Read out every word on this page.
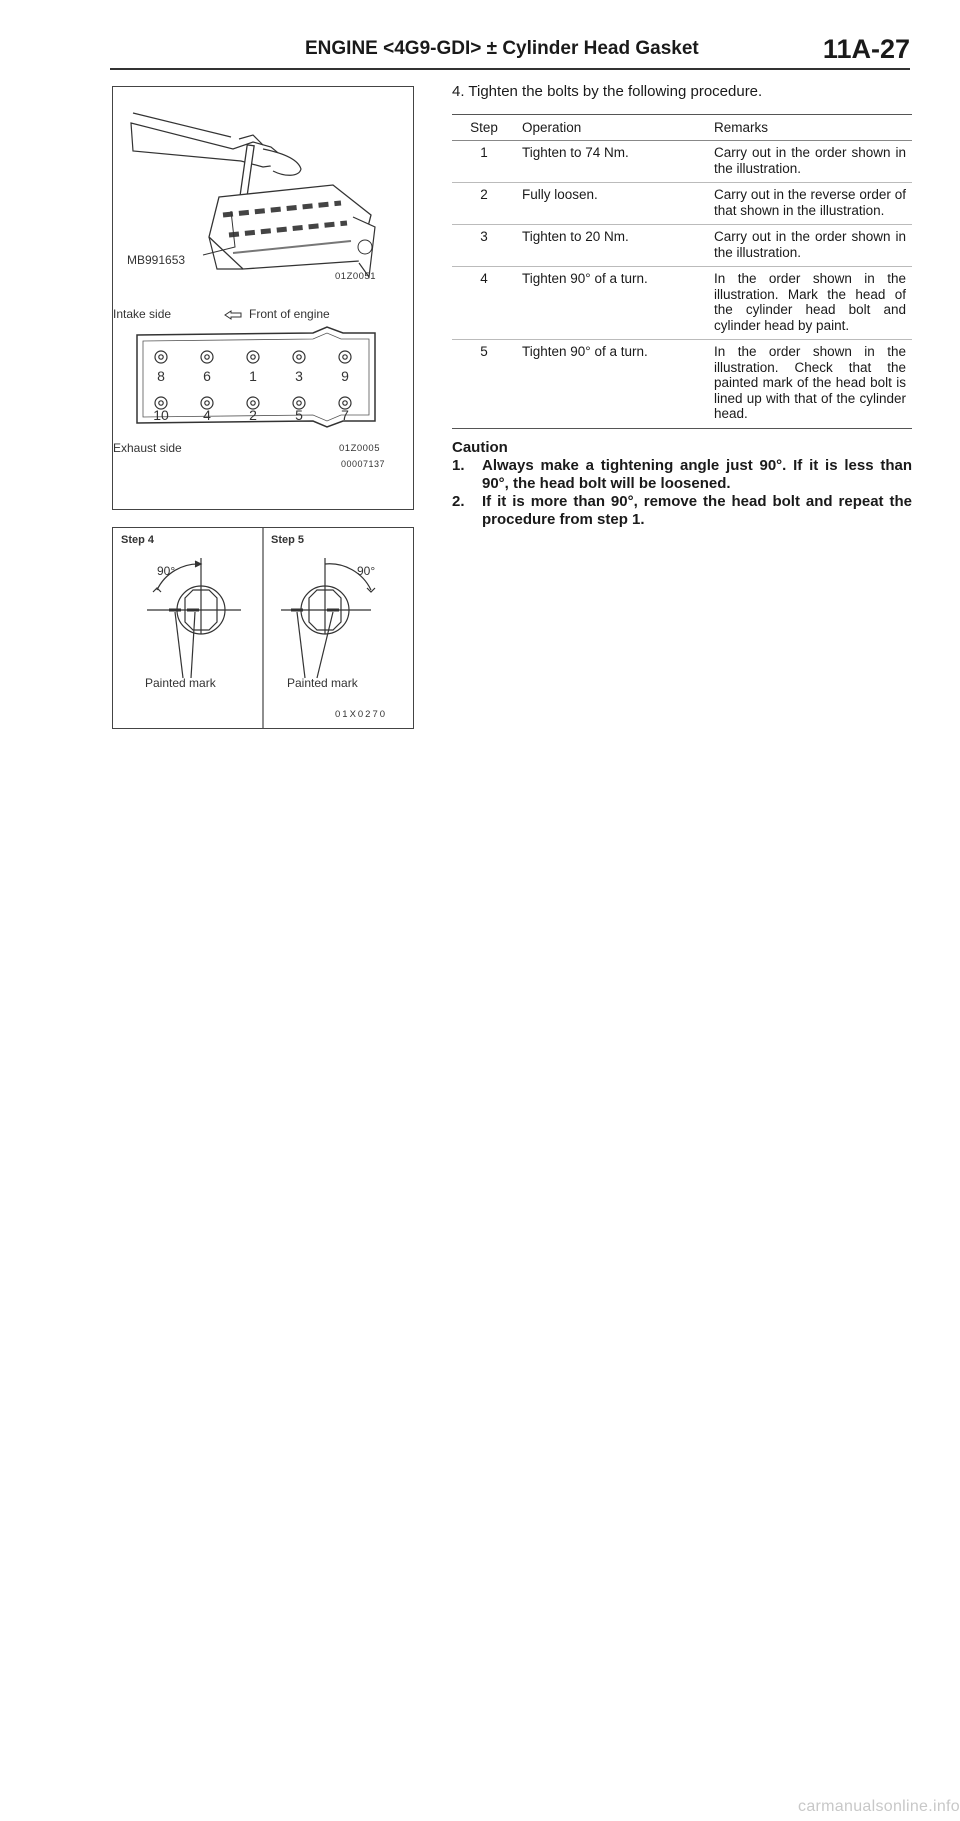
ENGINE <4G9-GDI> ± Cylinder Head Gasket	11A-27
MB991653
01Z0051
Intake side	Front of engine
8	6	1	3	9
10	4	2	5	7
Exhaust side	01Z0005
00007137
Step 4	Step 5
90°	90°
Painted mark	Painted mark
01X0270

4. Tighten the bolts by the following procedure.

Step	Operation	Remarks
1	Tighten to 74 Nm.	Carry out in the order shown in the illustration.
2	Fully loosen.	Carry out in the reverse order of that shown in the illustration.
3	Tighten to 20 Nm.	Carry out in the order shown in the illustration.
4	Tighten 90° of a turn.	In the order shown in the illustration. Mark the head of the cylinder head bolt and cylinder head by paint.
5	Tighten 90° of a turn.	In the order shown in the illustration. Check that the painted mark of the head bolt is lined up with that of the cylinder head.
Caution
1. Always make a tightening angle just 90°. If it is less than 90°, the head bolt will be loosened.
2. If it is more than 90°, remove the head bolt and repeat the procedure from step 1.
carmanualsonline.info
